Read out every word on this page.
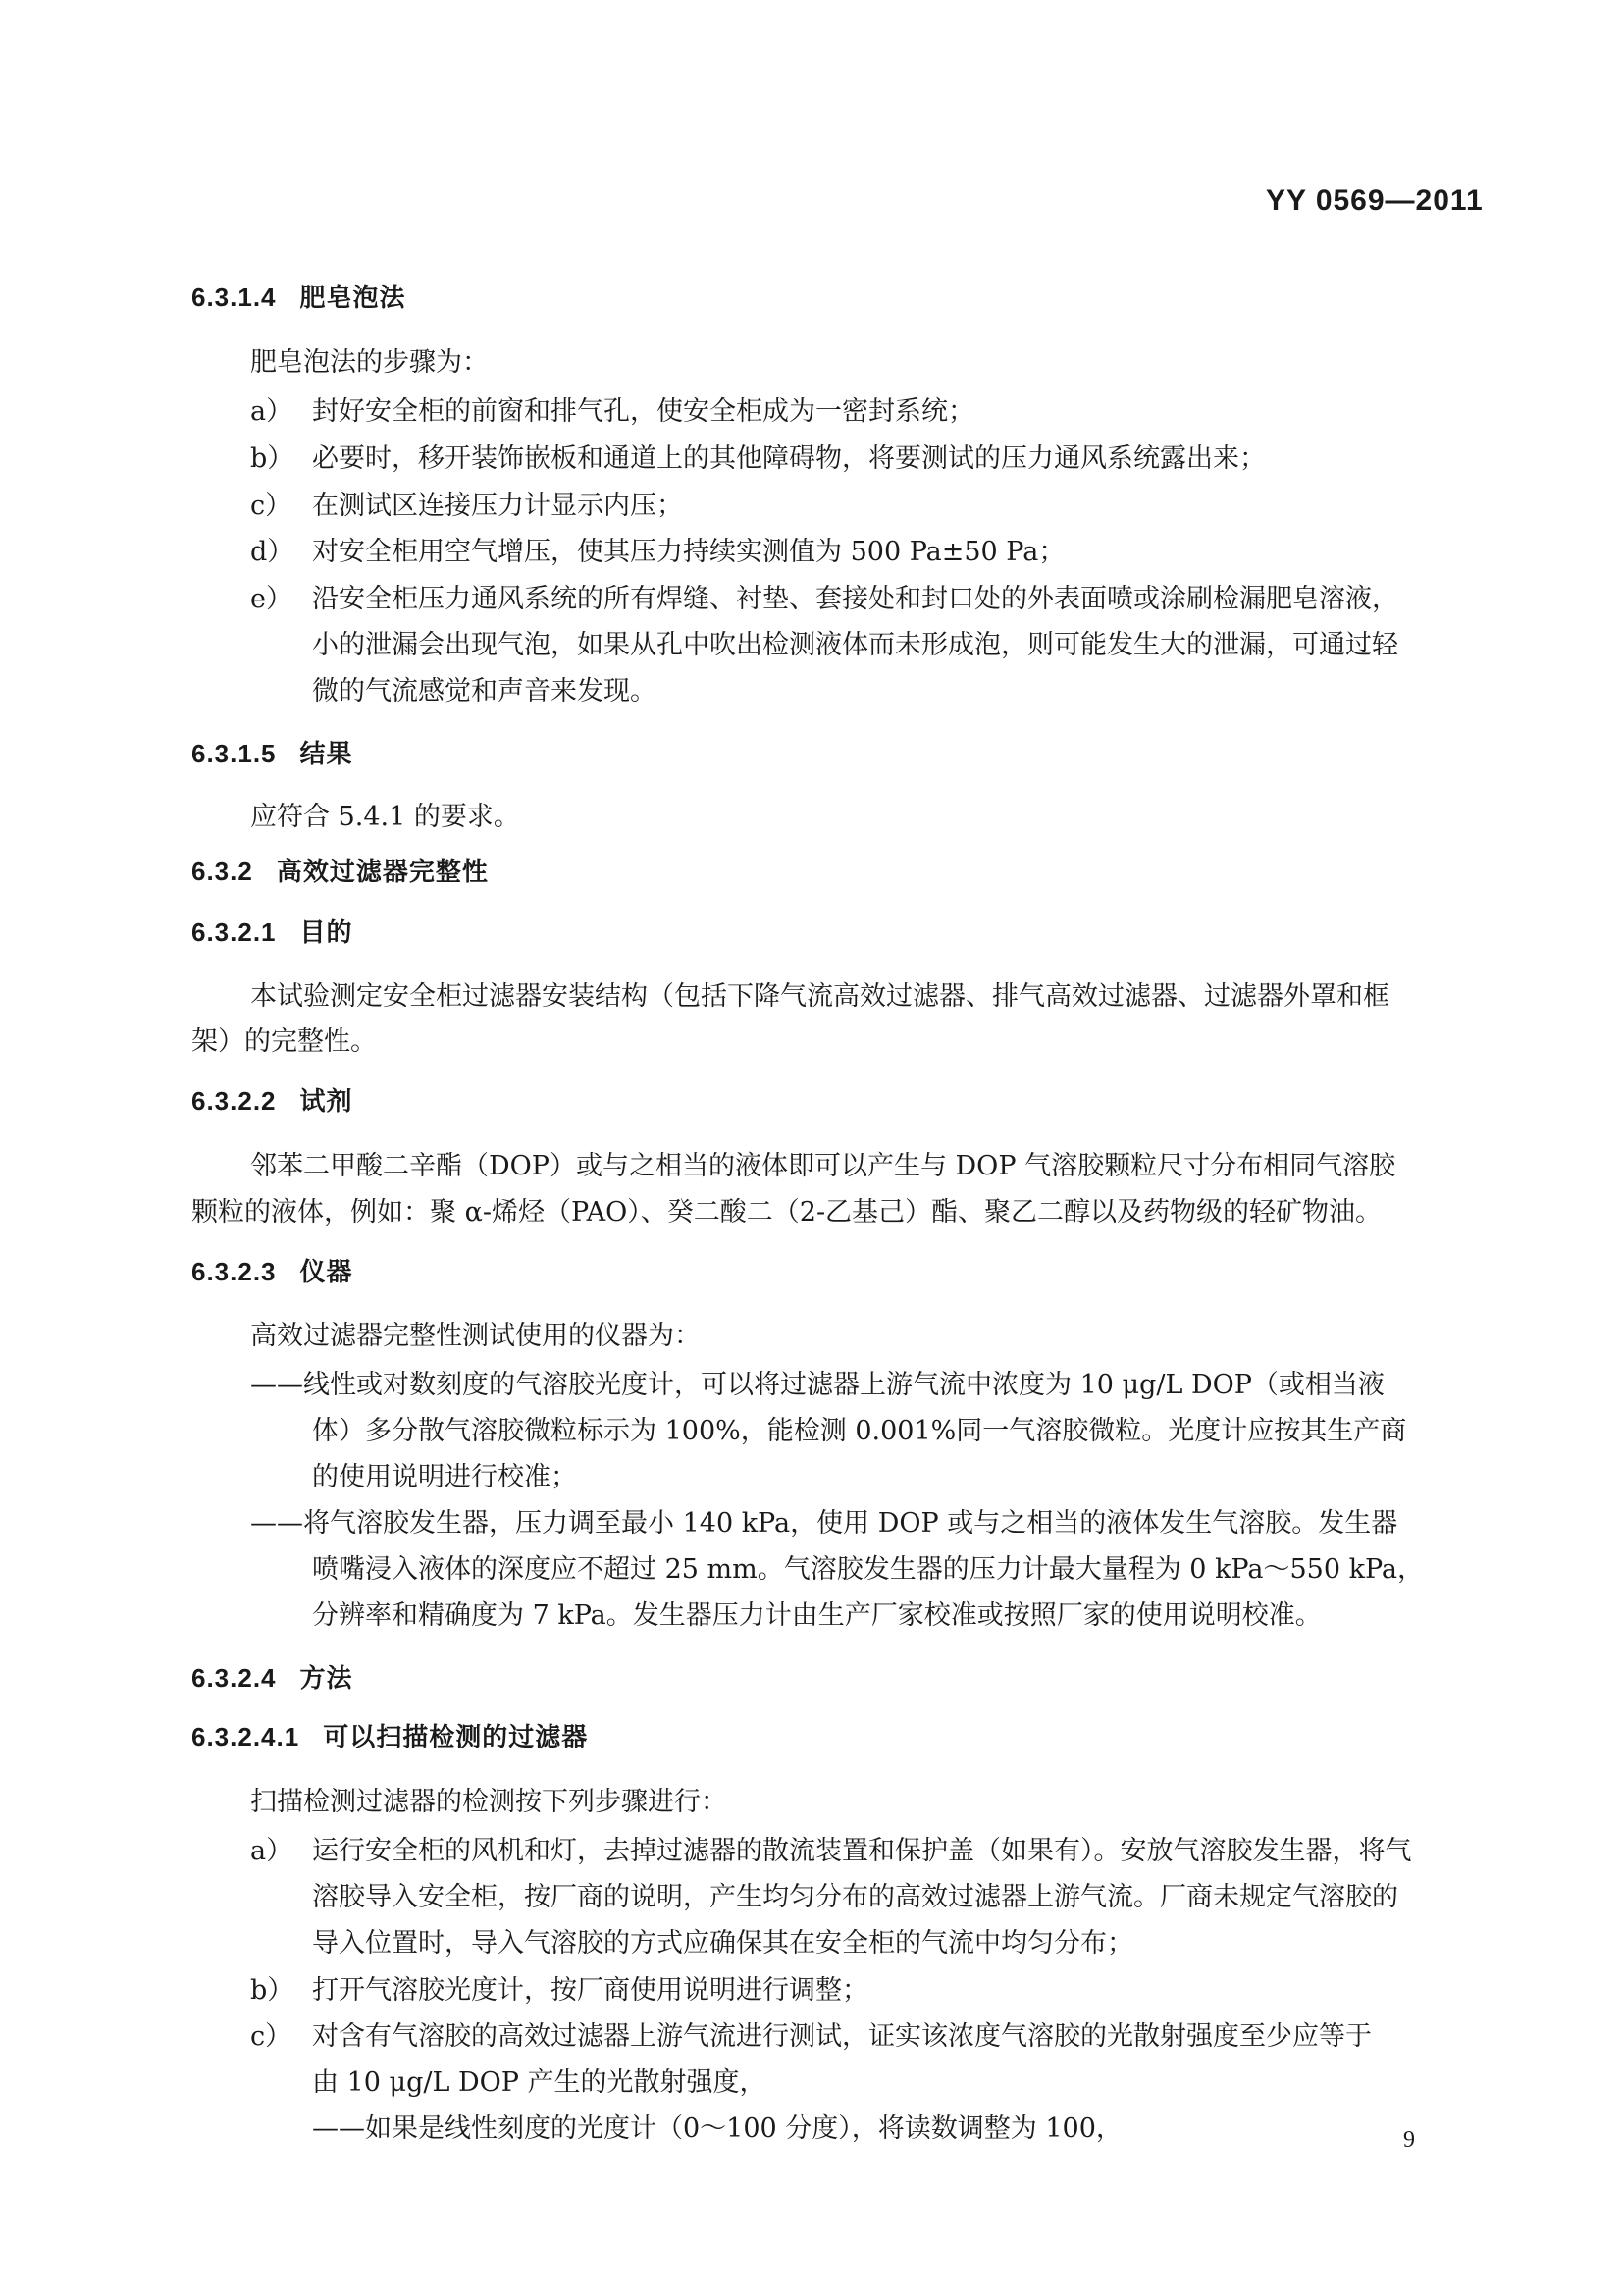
YY 0569—2011
6.3.1.4 肥皂泡法
肥皂泡法的步骤为：
a） 封好安全柜的前窗和排气孔，使安全柜成为一密封系统；
b） 必要时，移开装饰嵌板和通道上的其他障碍物，将要测试的压力通风系统露出来；
c） 在测试区连接压力计显示内压；
d） 对安全柜用空气增压，使其压力持续实测值为 500 Pa±50 Pa；
e） 沿安全柜压力通风系统的所有焊缝、衬垫、套接处和封口处的外表面喷或涂刷检漏肥皂溶液，
小的泄漏会出现气泡，如果从孔中吹出检测液体而未形成泡，则可能发生大的泄漏，可通过轻
微的气流感觉和声音来发现。
6.3.1.5 结果
应符合 5.4.1 的要求。
6.3.2 高效过滤器完整性
6.3.2.1 目的
本试验测定安全柜过滤器安装结构（包括下降气流高效过滤器、排气高效过滤器、过滤器外罩和框
架）的完整性。
6.3.2.2 试剂
邻苯二甲酸二辛酯（DOP）或与之相当的液体即可以产生与 DOP 气溶胶颗粒尺寸分布相同气溶胶
颗粒的液体，例如：聚 α-烯烃（PAO）、癸二酸二（2-乙基己）酯、聚乙二醇以及药物级的轻矿物油。
6.3.2.3 仪器
高效过滤器完整性测试使用的仪器为：
——线性或对数刻度的气溶胶光度计，可以将过滤器上游气流中浓度为 10 μg/L DOP（或相当液
体）多分散气溶胶微粒标示为 100%，能检测 0.001%同一气溶胶微粒。光度计应按其生产商
的使用说明进行校准；
——将气溶胶发生器，压力调至最小 140 kPa，使用 DOP 或与之相当的液体发生气溶胶。发生器
喷嘴浸入液体的深度应不超过 25 mm。气溶胶发生器的压力计最大量程为 0 kPa～550 kPa，
分辨率和精确度为 7 kPa。发生器压力计由生产厂家校准或按照厂家的使用说明校准。
6.3.2.4 方法
6.3.2.4.1 可以扫描检测的过滤器
扫描检测过滤器的检测按下列步骤进行：
a） 运行安全柜的风机和灯，去掉过滤器的散流装置和保护盖（如果有）。安放气溶胶发生器，将气
溶胶导入安全柜，按厂商的说明，产生均匀分布的高效过滤器上游气流。厂商未规定气溶胶的
导入位置时，导入气溶胶的方式应确保其在安全柜的气流中均匀分布；
b） 打开气溶胶光度计，按厂商使用说明进行调整；
c） 对含有气溶胶的高效过滤器上游气流进行测试，证实该浓度气溶胶的光散射强度至少应等于
由 10 μg/L DOP 产生的光散射强度，
——如果是线性刻度的光度计（0～100 分度），将读数调整为 100，	9
